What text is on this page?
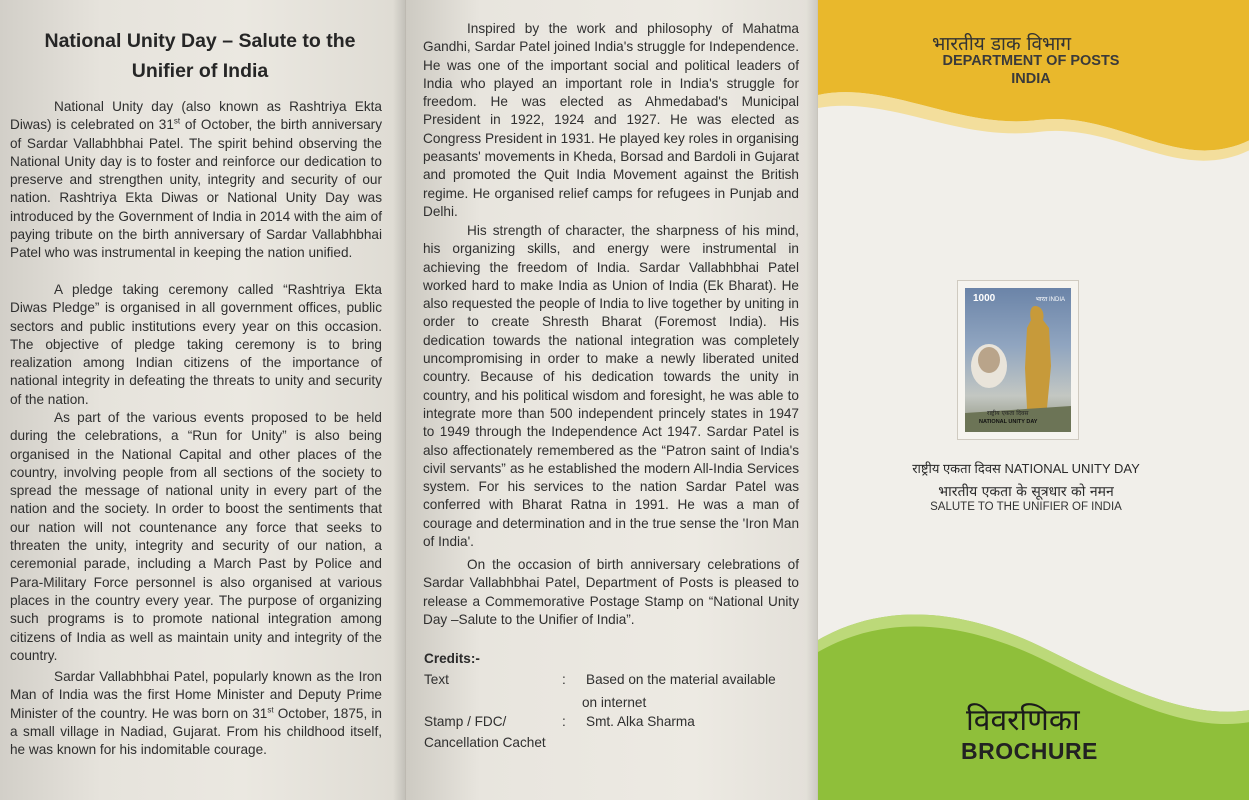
National Unity Day – Salute to the Unifier of India

National Unity day (also known as Rashtriya Ekta Diwas) is celebrated on 31st of October, the birth anniversary of Sardar Vallabhbhai Patel. The spirit behind observing the National Unity day is to foster and reinforce our dedication to preserve and strengthen unity, integrity and security of our nation. Rashtriya Ekta Diwas or National Unity Day was introduced by the Government of India in 2014 with the aim of paying tribute on the birth anniversary of Sardar Vallabhbhai Patel who was instrumental in keeping the nation unified.

A pledge taking ceremony called “Rashtriya Ekta Diwas Pledge” is organised in all government offices, public sectors and public institutions every year on this occasion. The objective of pledge taking ceremony is to bring realization among Indian citizens of the importance of national integrity in defeating the threats to unity and security of the nation.

As part of the various events proposed to be held during the celebrations, a “Run for Unity” is also being organised in the National Capital and other places of the country, involving people from all sections of the society to spread the message of national unity in every part of the nation and the society. In order to boost the sentiments that our nation will not countenance any force that seeks to threaten the unity, integrity and security of our nation, a ceremonial parade, including a March Past by Police and Para-Military Force personnel is also organised at various places in the country every year. The purpose of organizing such programs is to promote national integration among citizens of India as well as maintain unity and integrity of the country.

Sardar Vallabhbhai Patel, popularly known as the Iron Man of India was the first Home Minister and Deputy Prime Minister of the country. He was born on 31st October, 1875, in a small village in Nadiad, Gujarat. From his childhood itself, he was known for his indomitable courage.

Inspired by the work and philosophy of Mahatma Gandhi, Sardar Patel joined India's struggle for Independence. He was one of the important social and political leaders of India who played an important role in India's struggle for freedom. He was elected as Ahmedabad's Municipal President in 1922, 1924 and 1927. He was elected as Congress President in 1931. He played key roles in organising peasants' movements in Kheda, Borsad and Bardoli in Gujarat and promoted the Quit India Movement against the British regime. He organised relief camps for refugees in Punjab and Delhi.

His strength of character, the sharpness of his mind, his organizing skills, and energy were instrumental in achieving the freedom of India. Sardar Vallabhbhai Patel worked hard to make India as Union of India (Ek Bharat). He also requested the people of India to live together by uniting in order to create Shresth Bharat (Foremost India). His dedication towards the national integration was completely uncompromising in order to make a newly liberated united country. Because of his dedication towards the unity in country, and his political wisdom and foresight, he was able to integrate more than 500 independent princely states in 1947 to 1949 through the Independence Act 1947. Sardar Patel is also affectionately remembered as the “Patron saint of India's civil servants” as he established the modern All-India Services system. For his services to the nation Sardar Patel was conferred with Bharat Ratna in 1991. He was a man of courage and determination and in the true sense the 'Iron Man of India'.

On the occasion of birth anniversary celebrations of Sardar Vallabhbhai Patel, Department of Posts is pleased to release a Commemorative Postage Stamp on “National Unity Day –Salute to the Unifier of India”.

Credits:-
Text	: Based on the material available
on internet
Stamp / FDC/
Cancellation Cachet
: Smt. Alka Sharma
भारतीय डाक विभाग
DEPARTMENT OF POSTS
INDIA
1000	भारत INDIA
राष्ट्रीय एकता दिवस
NATIONAL UNITY DAY
राष्ट्रीय एकता दिवस NATIONAL UNITY DAY
भारतीय एकता के सूत्रधार को नमन
SALUTE TO THE UNIFIER OF INDIA
विवरणिका
BROCHURE
